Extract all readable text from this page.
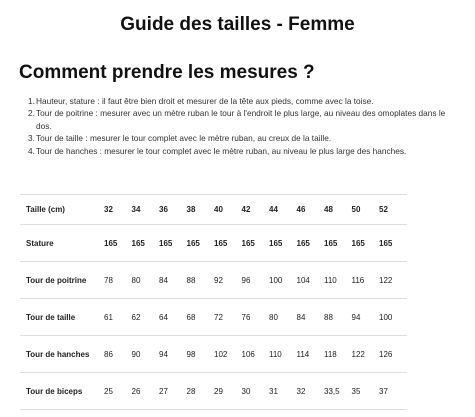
Guide des tailles - Femme
Comment prendre les mesures ?
1. Hauteur, stature : il faut être bien droit et mesurer de la tête aux pieds, comme avec la toise.
2. Tour de poitrine : mesurer avec un mètre ruban le tour à l'endroit le plus large, au niveau des omoplates dans le dos.
3. Tour de taille : mesurer le tour complet avec le mètre ruban, au creux de la taille.
4. Tour de hanches : mesurer le tour complet avec le mètre ruban, au niveau le plus large des hanches.
Taille (cm)	32	34	36	38	40	42	44	46	48	50	52
Stature	165	165	165	165	165	165	165	165	165	165	165
Tour de poitrine	78	80	84	88	92	96	100	104	110	116	122
Tour de taille	61	62	64	68	72	76	80	84	88	94	100
Tour de hanches	86	90	94	98	102	106	110	114	118	122	126
Tour de biceps	25	26	27	28	29	30	31	32	33,5	35	37
